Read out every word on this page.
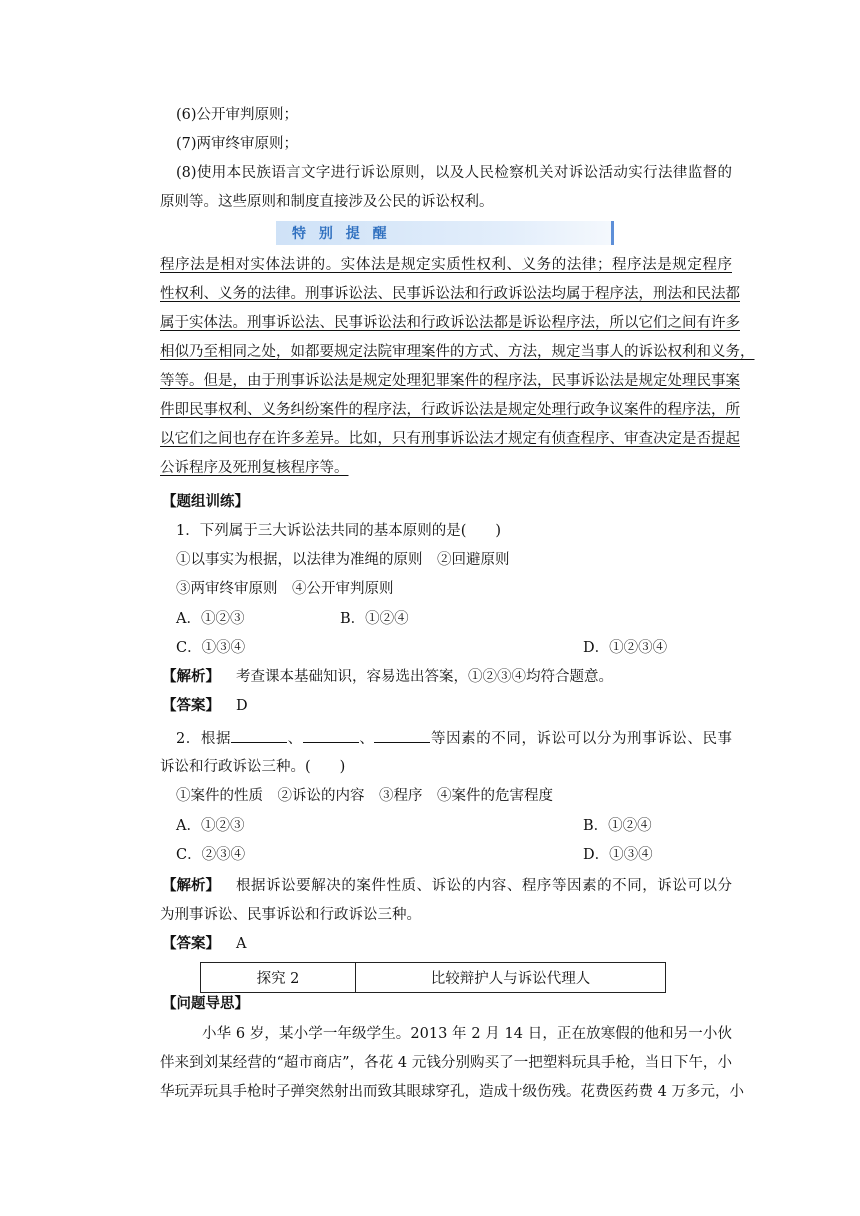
(6)公开审判原则；
(7)两审终审原则；
(8)使用本民族语言文字进行诉讼原则，以及人民检察机关对诉讼活动实行法律监督的
原则等。这些原则和制度直接涉及公民的诉讼权利。
特 别 提 醒
程序法是相对实体法讲的。实体法是规定实质性权利、义务的法律；程序法是规定程序
性权利、义务的法律。刑事诉讼法、民事诉讼法和行政诉讼法均属于程序法，刑法和民法都
属于实体法。刑事诉讼法、民事诉讼法和行政诉讼法都是诉讼程序法，所以它们之间有许多
相似乃至相同之处，如都要规定法院审理案件的方式、方法，规定当事人的诉讼权利和义务，
等等。但是，由于刑事诉讼法是规定处理犯罪案件的程序法，民事诉讼法是规定处理民事案
件即民事权利、义务纠纷案件的程序法，行政诉讼法是规定处理行政争议案件的程序法，所
以它们之间也存在许多差异。比如，只有刑事诉讼法才规定有侦查程序、审查决定是否提起
公诉程序及死刑复核程序等。
【题组训练】
1．下列属于三大诉讼法共同的基本原则的是(　　)
①以事实为根据，以法律为准绳的原则　②回避原则
③两审终审原则　④公开审判原则
A．①②③	B．①②④
C．①③④	D．①②③④
【解析】 考查课本基础知识，容易选出答案，①②③④均符合题意。
【答案】 D
2．根据	、	、	等因素的不同，诉讼可以分为刑事诉讼、民事
诉讼和行政诉讼三种。(　　)
①案件的性质　②诉讼的内容　③程序　④案件的危害程度
A．①②③	B．①②④
C．②③④	D．①③④
【解析】 根据诉讼要解决的案件性质、诉讼的内容、程序等因素的不同，诉讼可以分
为刑事诉讼、民事诉讼和行政诉讼三种。
【答案】 A
探究 2	比较辩护人与诉讼代理人
【问题导思】
小华 6 岁，某小学一年级学生。2013 年 2 月 14 日，正在放寒假的他和另一小伙
伴来到刘某经营的“超市商店”，各花 4 元钱分别购买了一把塑料玩具手枪，当日下午，小
华玩弄玩具手枪时子弹突然射出而致其眼球穿孔，造成十级伤残。花费医药费 4 万多元，小
